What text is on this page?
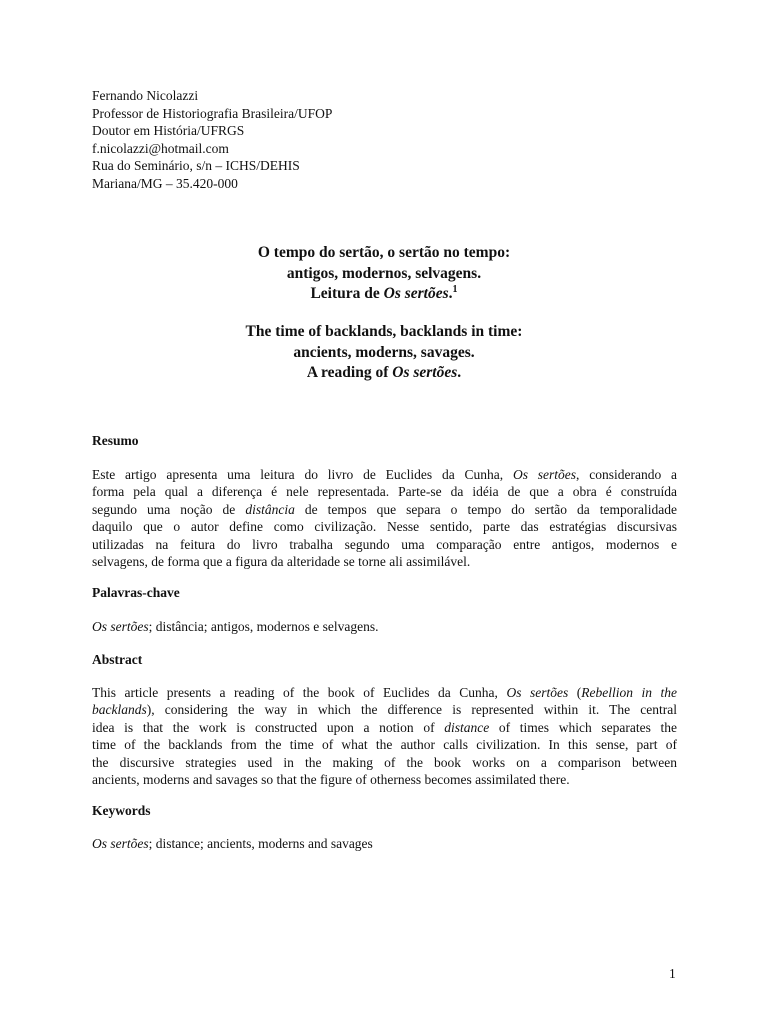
Fernando Nicolazzi
Professor de Historiografia Brasileira/UFOP
Doutor em História/UFRGS
f.nicolazzi@hotmail.com
Rua do Seminário, s/n – ICHS/DEHIS
Mariana/MG – 35.420-000
O tempo do sertão, o sertão no tempo:
antigos, modernos, selvagens.
Leitura de Os sertões.$^1$
The time of backlands, backlands in time:
ancients, moderns, savages.
A reading of Os sertões.
Resumo
Este artigo apresenta uma leitura do livro de Euclides da Cunha, Os sertões, considerando a
forma pela qual a diferença é nele representada. Parte-se da idéia de que a obra é construída
segundo uma noção de distância de tempos que separa o tempo do sertão da temporalidade
daquilo que o autor define como civilização. Nesse sentido, parte das estratégias discursivas
utilizadas na feitura do livro trabalha segundo uma comparação entre antigos, modernos e
selvagens, de forma que a figura da alteridade se torne ali assimilável.
Palavras-chave
Os sertões; distância; antigos, modernos e selvagens.
Abstract
This article presents a reading of the book of Euclides da Cunha, Os sertões (Rebellion in the
backlands), considering the way in which the difference is represented within it. The central
idea is that the work is constructed upon a notion of distance of times which separates the
time of the backlands from the time of what the author calls civilization. In this sense, part of
the discursive strategies used in the making of the book works on a comparison between
ancients, moderns and savages so that the figure of otherness becomes assimilated there.
Keywords
Os sertões; distance; ancients, moderns and savages
1
